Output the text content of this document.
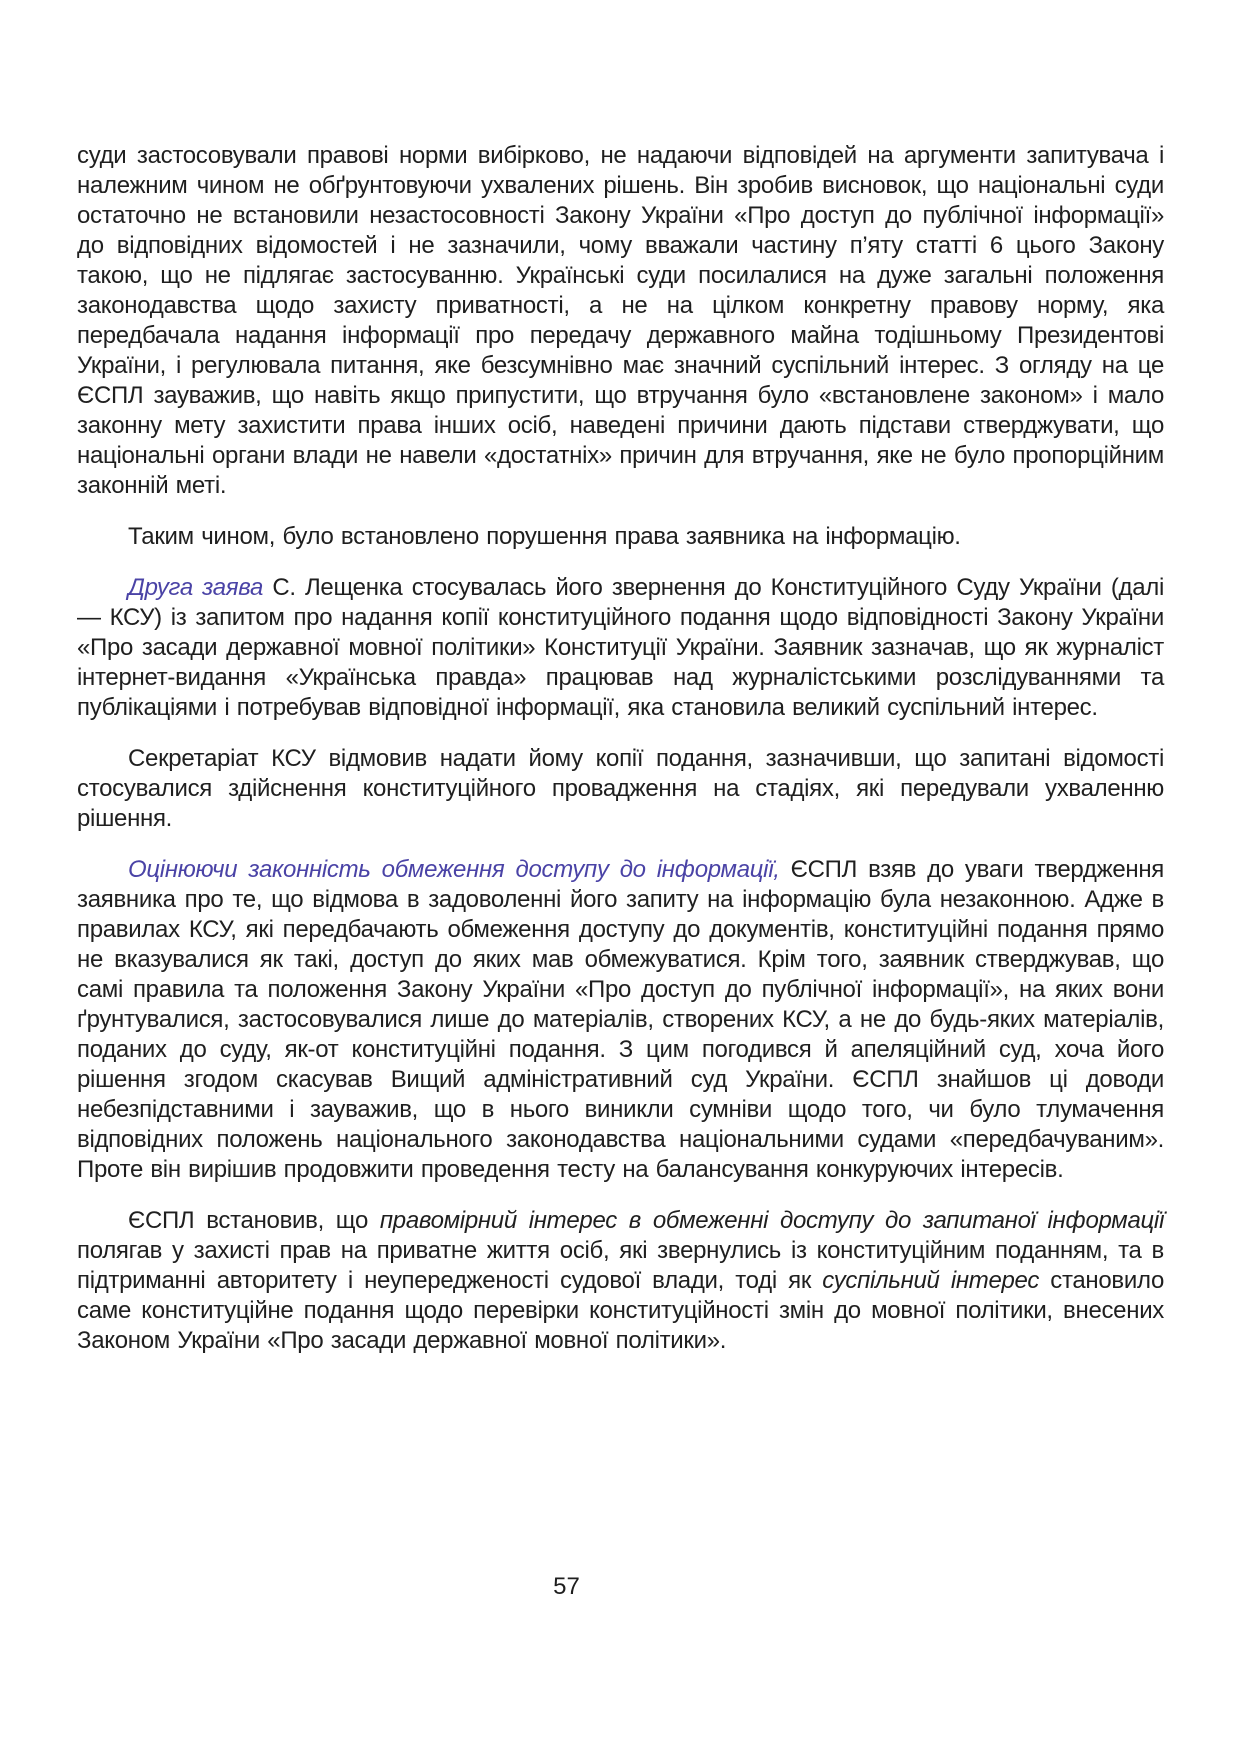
суди застосовували правові норми вибірково, не надаючи відповідей на аргументи запитувача і належним чином не обґрунтовуючи ухвалених рішень. Він зробив висновок, що національні суди остаточно не встановили незастосовності Закону України «Про доступ до публічної інформації» до відповідних відомостей і не зазначили, чому вважали частину п’яту статті 6 цього Закону такою, що не підлягає застосуванню. Українські суди посилалися на дуже загальні положення законодавства щодо захисту приватності, а не на цілком конкретну правову норму, яка передбачала надання інформації про передачу державного майна тодішньому Президентові України, і регулювала питання, яке безсумнівно має значний суспільний інтерес. З огляду на це ЄСПЛ зауважив, що навіть якщо припустити, що втручання було «встановлене законом» і мало законну мету захистити права інших осіб, наведені причини дають підстави стверджувати, що національні органи влади не навели «достатніх» причин для втручання, яке не було пропорційним законній меті.

Таким чином, було встановлено порушення права заявника на інформацію.

Друга заява С. Лещенка стосувалась його звернення до Конституційного Суду України (далі — КСУ) із запитом про надання копії конституційного подання щодо відповідності Закону України «Про засади державної мовної політики» Конституції України. Заявник зазначав, що як журналіст інтернет-видання «Українська правда» працював над журналістськими розслідуваннями та публікаціями і потребував відповідної інформації, яка становила великий суспільний інтерес.

Секретаріат КСУ відмовив надати йому копії подання, зазначивши, що запитані відомості стосувалися здійснення конституційного провадження на стадіях, які передували ухваленню рішення.

Оцінюючи законність обмеження доступу до інформації, ЄСПЛ взяв до уваги твердження заявника про те, що відмова в задоволенні його запиту на інформацію була незаконною. Адже в правилах КСУ, які передбачають обмеження доступу до документів, конституційні подання прямо не вказувалися як такі, доступ до яких мав обмежуватися. Крім того, заявник стверджував, що самі правила та положення Закону України «Про доступ до публічної інформації», на яких вони ґрунтувалися, застосовувалися лише до матеріалів, створених КСУ, а не до будь-яких матеріалів, поданих до суду, як-от конституційні подання. З цим погодився й апеляційний суд, хоча його рішення згодом скасував Вищий адміністративний суд України. ЄСПЛ знайшов ці доводи небезпідставними і зауважив, що в нього виникли сумніви щодо того, чи було тлумачення відповідних положень національного законодавства національними судами «передбачуваним». Проте він вирішив продовжити проведення тесту на балансування конкуруючих інтересів.

ЄСПЛ встановив, що правомірний інтерес в обмеженні доступу до запитаної інформації полягав у захисті прав на приватне життя осіб, які звернулись із конституційним поданням, та в підтриманні авторитету і неупередженості судової влади, тоді як суспільний інтерес становило саме конституційне подання щодо перевірки конституційності змін до мовної політики, внесених Законом України «Про засади державної мовної політики».

57
